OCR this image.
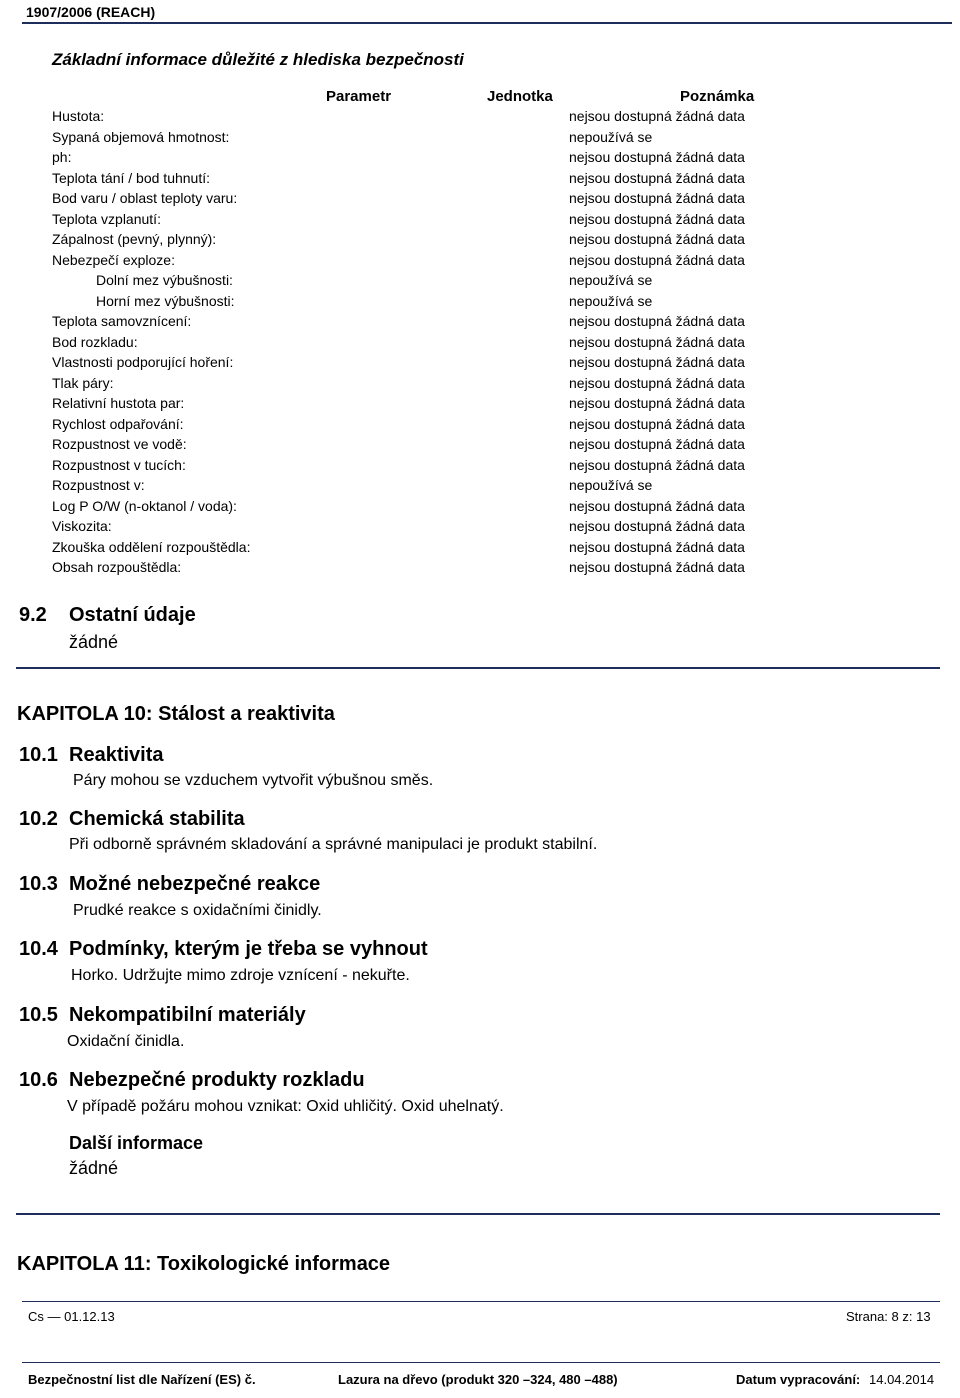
1907/2006 (REACH)
Základní informace důležité z hlediska bezpečnosti
Parametr	Jednotka	Poznámka
Hustota:	nejsou dostupná žádná data
Sypaná objemová hmotnost:	nepoužívá se
ph:	nejsou dostupná žádná data
Teplota tání / bod tuhnutí:	nejsou dostupná žádná data
Bod varu / oblast teploty varu:	nejsou dostupná žádná data
Teplota vzplanutí:	nejsou dostupná žádná data
Zápalnost (pevný, plynný):	nejsou dostupná žádná data
Nebezpečí exploze:	nejsou dostupná žádná data
Dolní mez výbušnosti:	nepoužívá se
Horní mez výbušnosti:	nepoužívá se
Teplota samovznícení:	nejsou dostupná žádná data
Bod rozkladu:	nejsou dostupná žádná data
Vlastnosti podporující hoření:	nejsou dostupná žádná data
Tlak páry:	nejsou dostupná žádná data
Relativní hustota par:	nejsou dostupná žádná data
Rychlost odpařování:	nejsou dostupná žádná data
Rozpustnost ve vodě:	nejsou dostupná žádná data
Rozpustnost v tucích:	nejsou dostupná žádná data
Rozpustnost v:	nepoužívá se
Log P O/W (n-oktanol / voda):	nejsou dostupná žádná data
Viskozita:	nejsou dostupná žádná data
Zkouška oddělení rozpouštědla:	nejsou dostupná žádná data
Obsah rozpouštědla:	nejsou dostupná žádná data
9.2 Ostatní údaje
žádné
KAPITOLA 10: Stálost a reaktivita
10.1 Reaktivita
Páry mohou se vzduchem vytvořit výbušnou směs.
10.2 Chemická stabilita
Při odborně správném skladování a správné manipulaci je produkt stabilní.
10.3 Možné nebezpečné reakce
Prudké reakce s oxidačními činidly.
10.4 Podmínky, kterým je třeba se vyhnout
Horko. Udržujte mimo zdroje vznícení - nekuřte.
10.5 Nekompatibilní materiály
Oxidační činidla.
10.6 Nebezpečné produkty rozkladu
V případě požáru mohou vznikat: Oxid uhličitý. Oxid uhelnatý.
Další informace
žádné
KAPITOLA 11: Toxikologické informace
Cs — 01.12.13	Strana: 8 z: 13
Bezpečnostní list dle Nařízení (ES) č.	Lazura na dřevo (produkt 320 –324, 480 –488)	Datum vypracování: 14.04.2014
